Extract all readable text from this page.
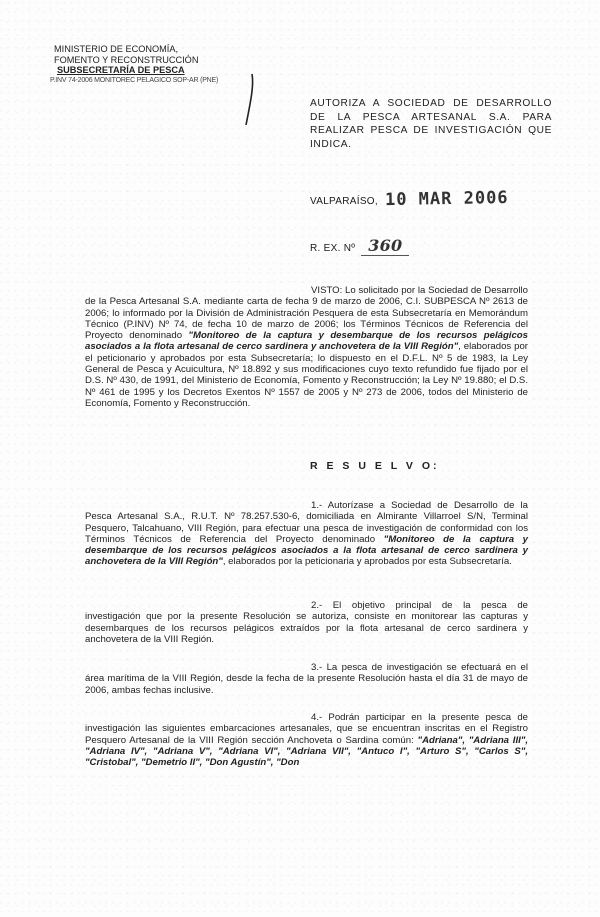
MINISTERIO DE ECONOMÍA,
FOMENTO Y RECONSTRUCCIÓN
SUBSECRETARÍA DE PESCA
P.INV 74-2006 MONITOREC PELAGICO SOP-AR (PNE)
AUTORIZA A SOCIEDAD DE DESARROLLO DE LA PESCA ARTESANAL S.A. PARA REALIZAR PESCA DE INVESTIGACIÓN QUE INDICA.
VALPARAÍSO, 10 MAR 2006
R. EX. Nº 360
VISTO: Lo solicitado por la Sociedad de Desarrollo de la Pesca Artesanal S.A. mediante carta de fecha 9 de marzo de 2006, C.I. SUBPESCA Nº 2613 de 2006; lo informado por la División de Administración Pesquera de esta Subsecretaría en Memorándum Técnico (P.INV) Nº 74, de fecha 10 de marzo de 2006; los Términos Técnicos de Referencia del Proyecto denominado "Monitoreo de la captura y desembarque de los recursos pelágicos asociados a la flota artesanal de cerco sardinera y anchovetera de la VIII Región", elaborados por el peticionario y aprobados por esta Subsecretaría; lo dispuesto en el D.F.L. Nº 5 de 1983, la Ley General de Pesca y Acuicultura, Nº 18.892 y sus modificaciones cuyo texto refundido fue fijado por el D.S. Nº 430, de 1991, del Ministerio de Economía, Fomento y Reconstrucción; la Ley Nº 19.880; el D.S. Nº 461 de 1995 y los Decretos Exentos Nº 1557 de 2005 y Nº 273 de 2006, todos del Ministerio de Economía, Fomento y Reconstrucción.
R E S U E L V O:
1.- Autorízase a Sociedad de Desarrollo de la Pesca Artesanal S.A., R.U.T. Nº 78.257.530-6, domiciliada en Almirante Villarroel S/N, Terminal Pesquero, Talcahuano, VIII Región, para efectuar una pesca de investigación de conformidad con los Términos Técnicos de Referencia del Proyecto denominado "Monitoreo de la captura y desembarque de los recursos pelágicos asociados a la flota artesanal de cerco sardinera y anchovetera de la VIII Región", elaborados por la peticionaria y aprobados por esta Subsecretaría.
2.- El objetivo principal de la pesca de investigación que por la presente Resolución se autoriza, consiste en monitorear las capturas y desembarques de los recursos pelágicos extraídos por la flota artesanal de cerco sardinera y anchovetera de la VIII Región.
3.- La pesca de investigación se efectuará en el área marítima de la VIII Región, desde la fecha de la presente Resolución hasta el día 31 de mayo de 2006, ambas fechas inclusive.
4.- Podrán participar en la presente pesca de investigación las siguientes embarcaciones artesanales, que se encuentran inscritas en el Registro Pesquero Artesanal de la VIII Región sección Anchoveta o Sardina común: "Adriana", "Adriana III", "Adriana IV", "Adriana V", "Adriana VI", "Adriana VII", "Antuco I", "Arturo S", "Carlos S", "Cristobal", "Demetrio II", "Don Agustín", "Don
